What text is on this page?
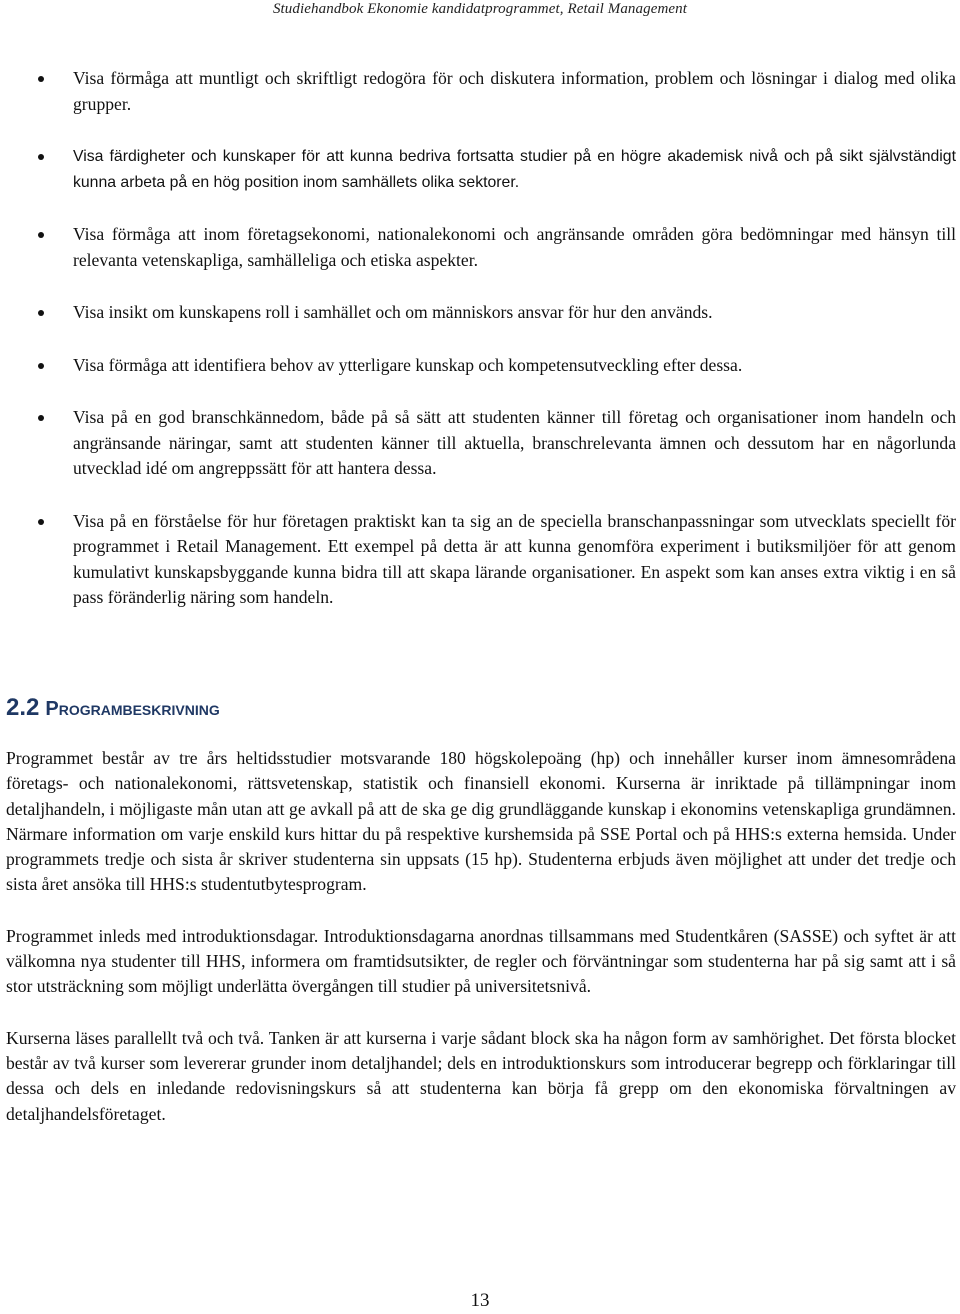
Studiehandbok Ekonomie kandidatprogrammet, Retail Management
Visa förmåga att muntligt och skriftligt redogöra för och diskutera information, problem och lösningar i dialog med olika grupper.
Visa färdigheter och kunskaper för att kunna bedriva fortsatta studier på en högre akademisk nivå och på sikt självständigt kunna arbeta på en hög position inom samhällets olika sektorer.
Visa förmåga att inom företagsekonomi, nationalekonomi och angränsande områden göra bedömningar med hänsyn till relevanta vetenskapliga, samhälleliga och etiska aspekter.
Visa insikt om kunskapens roll i samhället och om människors ansvar för hur den används.
Visa förmåga att identifiera behov av ytterligare kunskap och kompetensutveckling efter dessa.
Visa på en god branschkännedom, både på så sätt att studenten känner till företag och organisationer inom handeln och angränsande näringar, samt att studenten känner till aktuella, branschrelevanta ämnen och dessutom har en någorlunda utvecklad idé om angreppssätt för att hantera dessa.
Visa på en förståelse för hur företagen praktiskt kan ta sig an de speciella branschanpassningar som utvecklats speciellt för programmet i Retail Management. Ett exempel på detta är att kunna genomföra experiment i butiksmiljöer för att genom kumulativt kunskapsbyggande kunna bidra till att skapa lärande organisationer. En aspekt som kan anses extra viktig i en så pass föränderlig näring som handeln.
2.2 Programbeskrivning

Programmet består av tre års heltidsstudier motsvarande 180 högskolepoäng (hp) och innehåller kurser inom ämnesområdena företags- och nationalekonomi, rättsvetenskap, statistik och finansiell ekonomi. Kurserna är inriktade på tillämpningar inom detaljhandeln, i möjligaste mån utan att ge avkall på att de ska ge dig grundläggande kunskap i ekonomins vetenskapliga grundämnen. Närmare information om varje enskild kurs hittar du på respektive kurshemsida på SSE Portal och på HHS:s externa hemsida. Under programmets tredje och sista år skriver studenterna sin uppsats (15 hp). Studenterna erbjuds även möjlighet att under det tredje och sista året ansöka till HHS:s studentutbytesprogram.

Programmet inleds med introduktionsdagar. Introduktionsdagarna anordnas tillsammans med Studentkåren (SASSE) och syftet är att välkomna nya studenter till HHS, informera om framtidsutsikter, de regler och förväntningar som studenterna har på sig samt att i så stor utsträckning som möjligt underlätta övergången till studier på universitetsnivå.

Kurserna läses parallellt två och två. Tanken är att kurserna i varje sådant block ska ha någon form av samhörighet. Det första blocket består av två kurser som levererar grunder inom detaljhandel; dels en introduktionskurs som introducerar begrepp och förklaringar till dessa och dels en inledande redovisningskurs så att studenterna kan börja få grepp om den ekonomiska förvaltningen av detaljhandelsföretaget.

13
